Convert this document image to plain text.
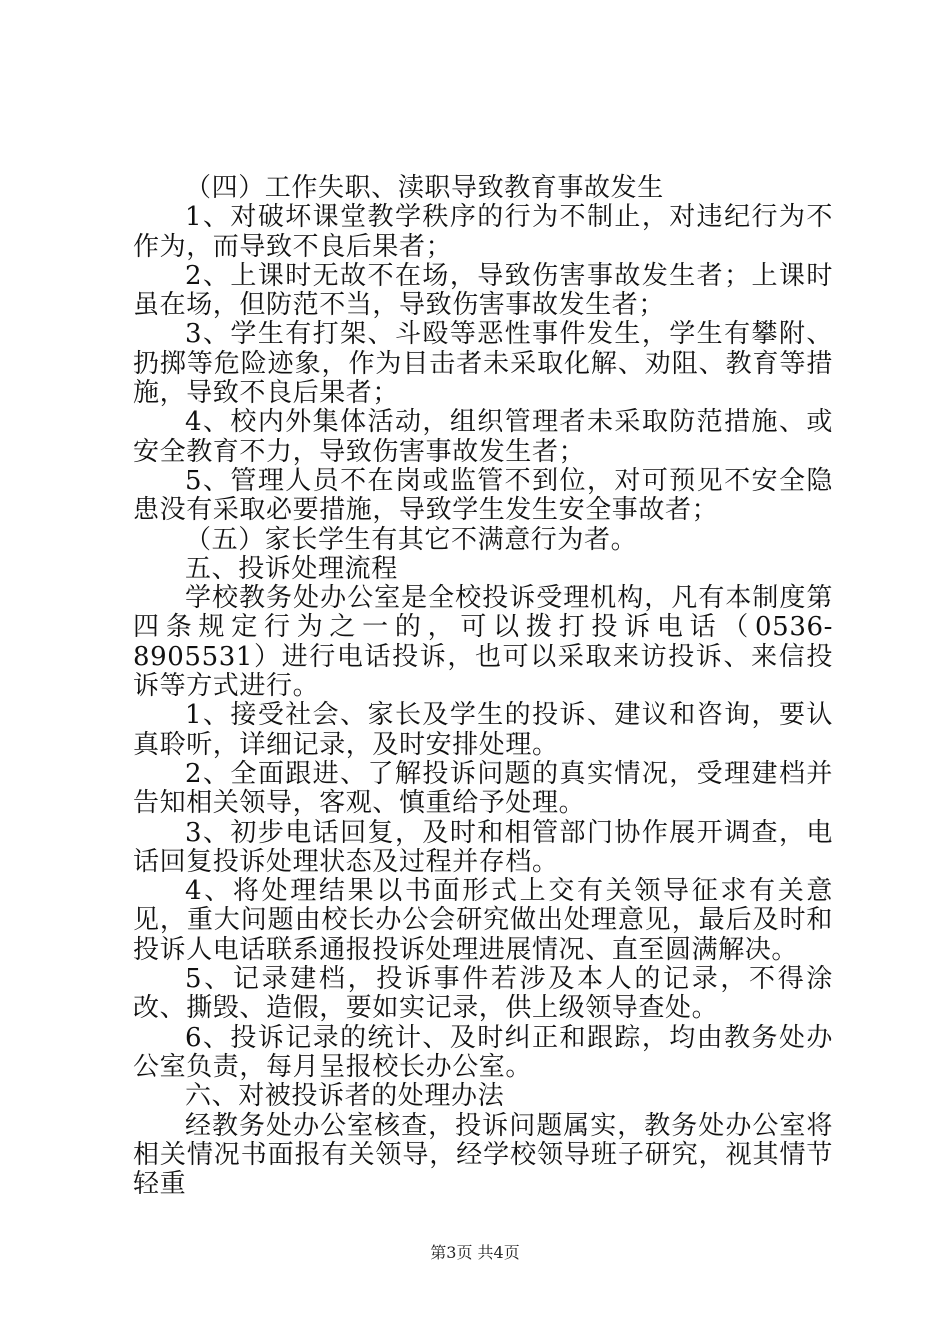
（四）工作失职、渎职导致教育事故发生

1、对破坏课堂教学秩序的行为不制止，对违纪行为不作为，而导致不良后果者；

2、上课时无故不在场，导致伤害事故发生者；上课时虽在场，但防范不当，导致伤害事故发生者；

3、学生有打架、斗殴等恶性事件发生，学生有攀附、扔掷等危险迹象，作为目击者未采取化解、劝阻、教育等措施，导致不良后果者；

4、校内外集体活动，组织管理者未采取防范措施、或安全教育不力，导致伤害事故发生者；

5、管理人员不在岗或监管不到位，对可预见不安全隐患没有采取必要措施，导致学生发生安全事故者；

（五）家长学生有其它不满意行为者。

五、投诉处理流程

学校教务处办公室是全校投诉受理机构，凡有本制度第四条规定行为之一的，可以拨打投诉电话（0536-8905531）进行电话投诉，也可以采取来访投诉、来信投诉等方式进行。

1、接受社会、家长及学生的投诉、建议和咨询，要认真聆听，详细记录，及时安排处理。

2、全面跟进、了解投诉问题的真实情况，受理建档并告知相关领导，客观、慎重给予处理。

3、初步电话回复，及时和相管部门协作展开调查，电话回复投诉处理状态及过程并存档。

4、将处理结果以书面形式上交有关领导征求有关意见，重大问题由校长办公会研究做出处理意见，最后及时和投诉人电话联系通报投诉处理进展情况、直至圆满解决。

5、记录建档，投诉事件若涉及本人的记录，不得涂改、撕毁、造假，要如实记录，供上级领导查处。

6、投诉记录的统计、及时纠正和跟踪，均由教务处办公室负责，每月呈报校长办公室。

六、对被投诉者的处理办法

经教务处办公室核查，投诉问题属实，教务处办公室将相关情况书面报有关领导，经学校领导班子研究，视其情节轻重

第3页 共4页
